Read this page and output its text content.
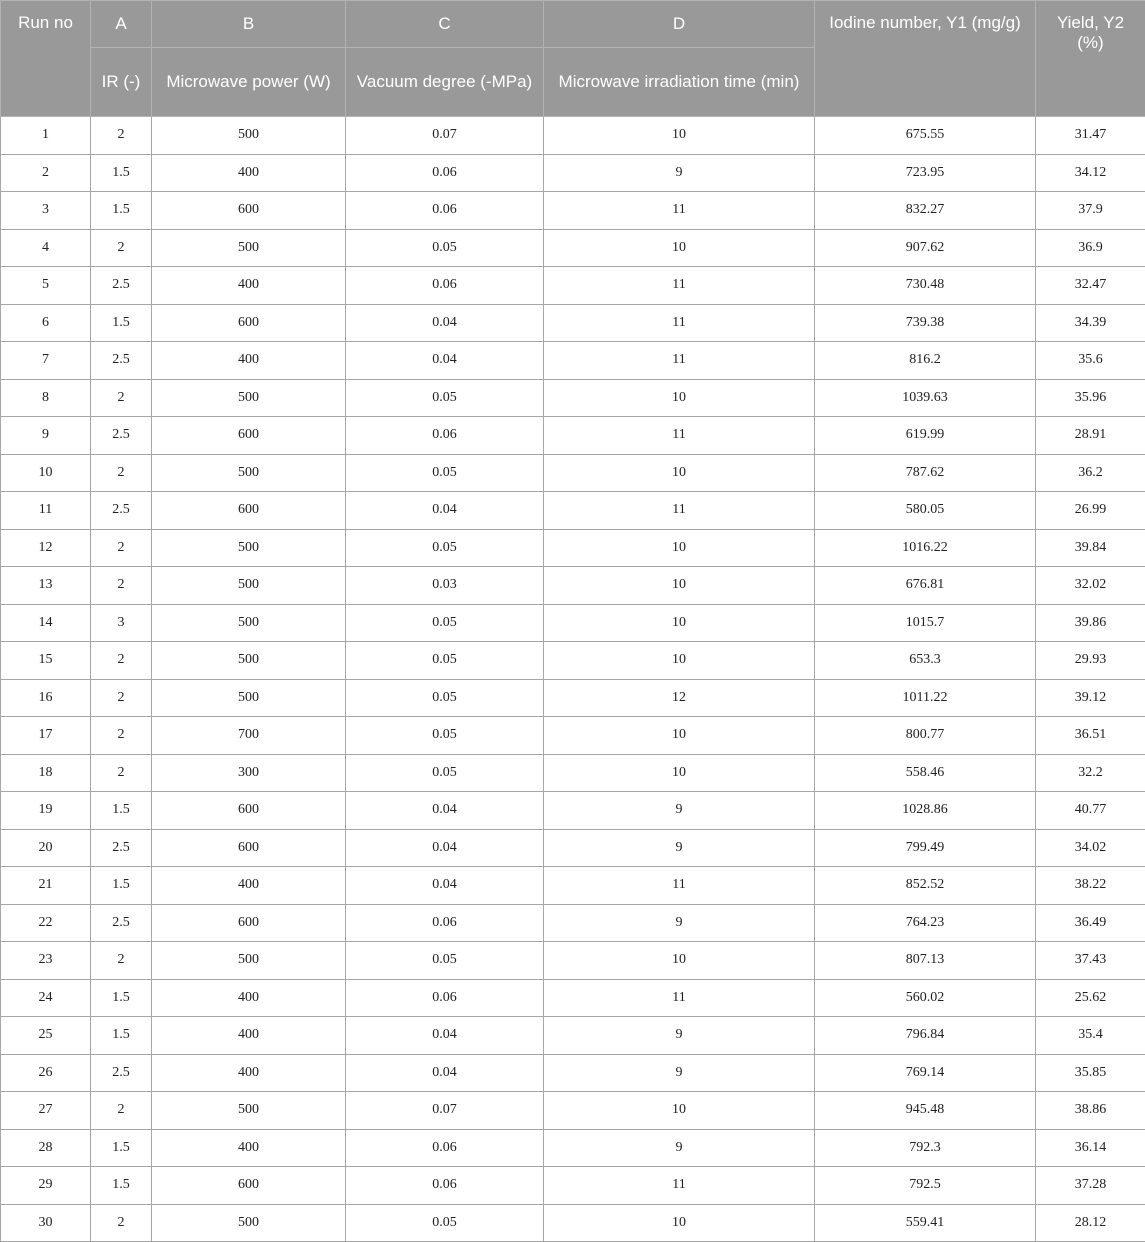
Run no	A	B	C	D	Iodine number, Y1 (mg/g)	Yield, Y2 (%)
	IR (-)	Microwave power (W)	Vacuum degree (-MPa)	Microwave irradiation time (min)		
1	2	500	0.07	10	675.55	31.47
2	1.5	400	0.06	9	723.95	34.12
3	1.5	600	0.06	11	832.27	37.9
4	2	500	0.05	10	907.62	36.9
5	2.5	400	0.06	11	730.48	32.47
6	1.5	600	0.04	11	739.38	34.39
7	2.5	400	0.04	11	816.2	35.6
8	2	500	0.05	10	1039.63	35.96
9	2.5	600	0.06	11	619.99	28.91
10	2	500	0.05	10	787.62	36.2
11	2.5	600	0.04	11	580.05	26.99
12	2	500	0.05	10	1016.22	39.84
13	2	500	0.03	10	676.81	32.02
14	3	500	0.05	10	1015.7	39.86
15	2	500	0.05	10	653.3	29.93
16	2	500	0.05	12	1011.22	39.12
17	2	700	0.05	10	800.77	36.51
18	2	300	0.05	10	558.46	32.2
19	1.5	600	0.04	9	1028.86	40.77
20	2.5	600	0.04	9	799.49	34.02
21	1.5	400	0.04	11	852.52	38.22
22	2.5	600	0.06	9	764.23	36.49
23	2	500	0.05	10	807.13	37.43
24	1.5	400	0.06	11	560.02	25.62
25	1.5	400	0.04	9	796.84	35.4
26	2.5	400	0.04	9	769.14	35.85
27	2	500	0.07	10	945.48	38.86
28	1.5	400	0.06	9	792.3	36.14
29	1.5	600	0.06	11	792.5	37.28
30	2	500	0.05	10	559.41	28.12
